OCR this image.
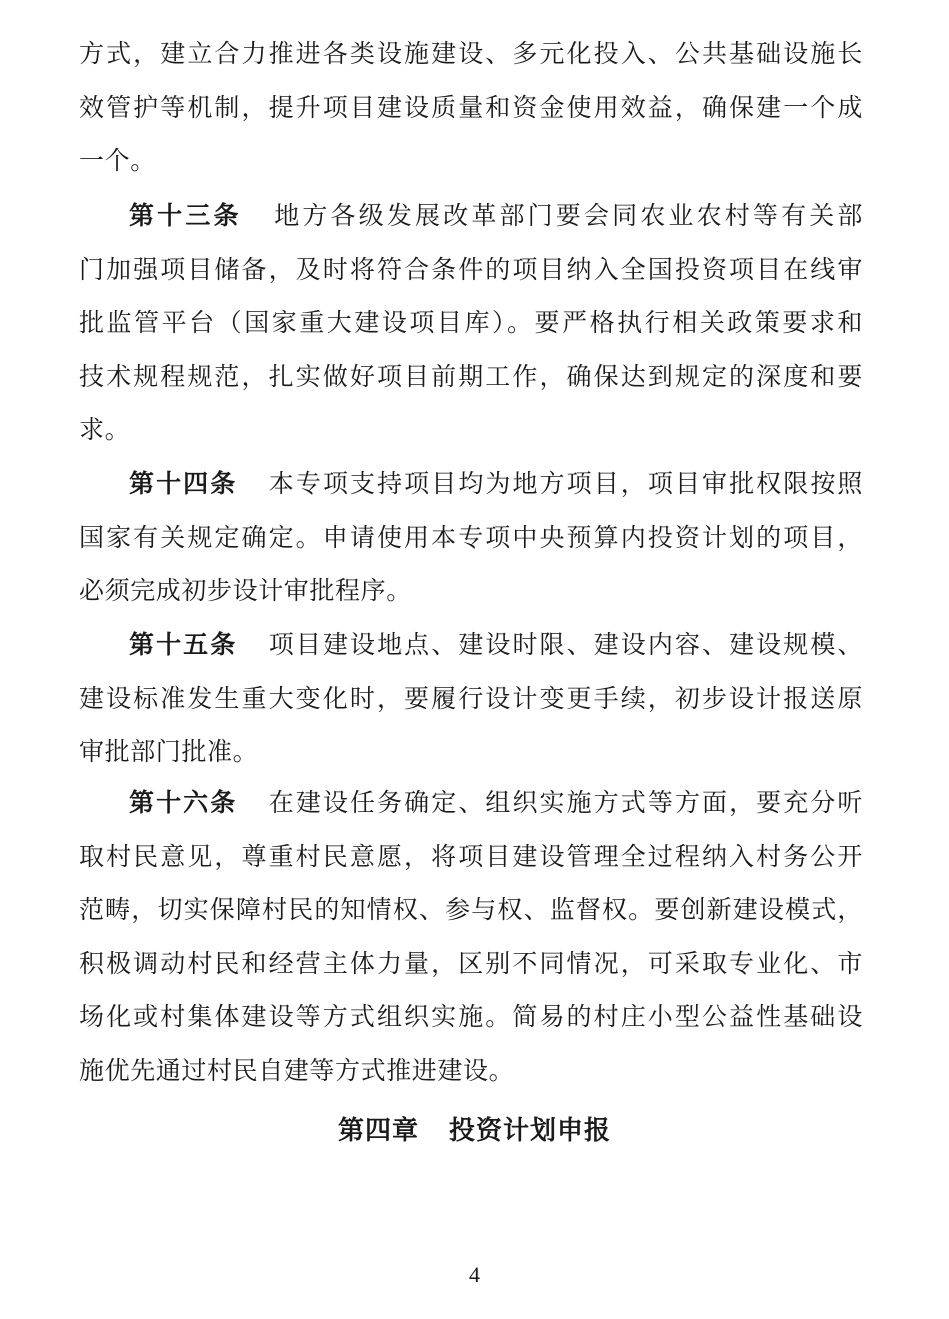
方式，建立合力推进各类设施建设、多元化投入、公共基础设施长
效管护等机制，提升项目建设质量和资金使用效益，确保建一个成
一个。
第十三条 地方各级发展改革部门要会同农业农村等有关部
门加强项目储备，及时将符合条件的项目纳入全国投资项目在线审
批监管平台（国家重大建设项目库）。要严格执行相关政策要求和
技术规程规范，扎实做好项目前期工作，确保达到规定的深度和要
求。
第十四条 本专项支持项目均为地方项目，项目审批权限按照
国家有关规定确定。申请使用本专项中央预算内投资计划的项目，
必须完成初步设计审批程序。
第十五条 项目建设地点、建设时限、建设内容、建设规模、
建设标准发生重大变化时，要履行设计变更手续，初步设计报送原
审批部门批准。
第十六条 在建设任务确定、组织实施方式等方面，要充分听
取村民意见，尊重村民意愿，将项目建设管理全过程纳入村务公开
范畴，切实保障村民的知情权、参与权、监督权。要创新建设模式，
积极调动村民和经营主体力量，区别不同情况，可采取专业化、市
场化或村集体建设等方式组织实施。简易的村庄小型公益性基础设
施优先通过村民自建等方式推进建设。
第四章 投资计划申报
4
